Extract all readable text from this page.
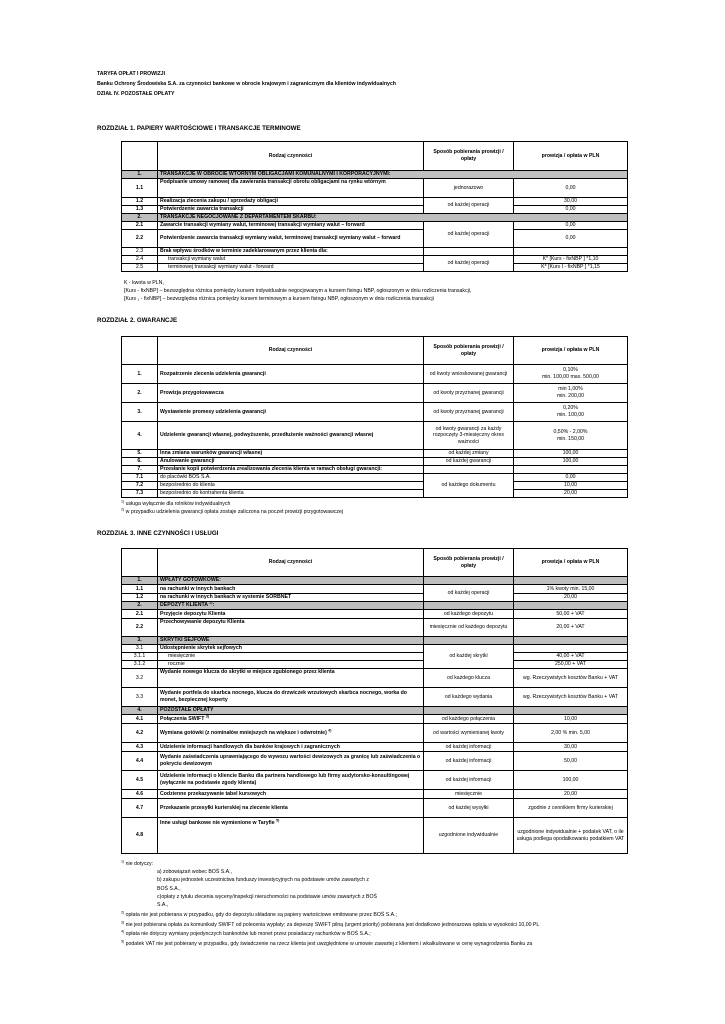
TARYFA OPŁAT I PROWIZJI
Banku Ochrony Środowiska S.A. za czynności bankowe w obrocie krajowym i zagranicznym dla klientów indywidualnych
DZIAŁ IV. POZOSTAŁE OPŁATY
ROZDZIAŁ 1. PAPIERY WARTOŚCIOWE I TRANSAKCJE TERMINOWE
	Rodzaj czynności	Sposób pobierania prowizji / opłaty	prowizja / opłata w PLN
1.	TRANSAKCJE W OBROCIE WTÓRNYM OBLIGACJAMI KOMUNALNYMI I KORPORACYJNYMI:		
1.1	Podpisanie umowy ramowej dla zawierania transakcji obrotu obligacjami na rynku wtórnym	jednorazowo	0,00
1.2	Realizacja zlecenia zakupu / sprzedaży obligacji	od każdej operacji	30,00
1.3	Potwierdzenie zawarcia transakcji		0,00
2.	TRANSAKCJE NEGOCJOWANE Z DEPARTAMENTEM SKARBU:		
2.1	Zawarcie transakcji wymiany walut, terminowej transakcji wymiany walut – forward	od każdej operacji	0,00
2.2	Potwierdzenie zawarcia transakcji wymiany walut, terminowej transakcji wymiany walut – forward		0,00
2.3	Brak wpływu środków w terminie zadeklarowanym przez klienta dla:		
2.4	transakcji wymiany walut	od każdej operacji	K* [Kurs - fixNBP ] *1,10
2.5	terminowej transakcji wymiany walut - forward		K* [Kurs I - fixNBP ] *1,15
K - kwota w PLN,
[Kurs - fixNBP] – bezwzględna różnica pomiędzy kursem indywidualnie negocjowanym a kursem fixingu NBP, ogłoszonym w dniu rozliczenia transakcji,
[Kurs ₁ - fixNBP] – bezwzględna różnica pomiędzy kursem terminowym a kursem fixingu NBP, ogłoszonym w dniu rozliczenia transakcji
ROZDZIAŁ 2. GWARANCJE
	Rodzaj czynności	Sposób pobierania prowizji / opłaty	prowizja / opłata w PLN
1.	Rozpatrzenie zlecenia udzielenia gwarancji	od kwoty wnioskowanej gwarancji	0,10%
min. 100,00 max. 500,00

2.	Prowizja przygotowawcza	od kwoty przyznanej gwarancji	min 1,00%
min. 200,00

3.	Wystawienie promesy udzielenia gwarancji	od kwoty przyznanej gwarancji	0,20%
min. 100,00

4.	Udzielenie gwarancji własnej, podwyższenie, przedłużenie ważności gwarancji własnej	od kwoty gwarancji za każdy rozpoczęty 3-miesięczny okres ważności	0,50% - 2,00%
min. 150,00

5.	Inna zmiana warunków gwarancji własnej	od każdej zmiany	100,00
6.	Anulowanie gwarancji	od każdej gwarancji	100,00
7.	Przesłanie kopii potwierdzenia zrealizowania zlecenia klienta w ramach obsługi gwarancji:		
7.1	do placówki BOŚ S.A.	od każdego dokumentu	0,00
7.2	bezpośrednio do klienta		10,00
7.3	bezpośrednio do kontrahenta klienta		20,00
$^{1)}$ usługa wyłącznie dla rolników indywidualnych
$^{2)}$ w przypadku udzielenia gwarancji opłata zostaje zaliczona na poczet prowizji przygotowawczej
ROZDZIAŁ 3. INNE CZYNNOŚCI I USŁUGI
	Rodzaj czynności	Sposób pobierania prowizji / opłaty	prowizja / opłata w PLN
1.	WPŁATY GOTÓWKOWE:		
1.1	na rachunki w innych bankach	od każdej operacji	1% kwoty min. 15,00
1.2	na rachunki w innych bankach w systemie SORBNET		20,00
2.	DEPOZYT KLIENTA $^{2)}$:		
2.1	Przyjęcie depozytu Klienta	od każdego depozytu	50,00 + VAT
2.2	Przechowywanie depozytu Klienta	miesięcznie od każdego depozytu	20,00 + VAT
3.	SKRYTKI SEJFOWE		
3.1	Udostępnienie skrytek sejfowych	od każdej skrytki	
3.1.1	miesięcznie		40,00 + VAT
3.1.2	rocznie		250,00 + VAT
3.2	Wydanie nowego klucza do skrytki w miejsce zgubionego przez klienta	od każdego klucza	wg. Rzeczywistych kosztów Banku + VAT
3.3	Wydanie portfela do skarbca nocnego, klucza do drzwiczek wrzutowych skarbca nocnego, worka do monet, bezpiecznej koperty	od każdego wydania	wg. Rzeczywistych kosztów Banku + VAT
4.	POZOSTAŁE OPŁATY		
4.1	Połączenia SWIFT $^{3)}$	od każdego połączenia	10,00
4.2	Wymiana gotówki (z nominałów mniejszych na większe i odwrotnie) $^{4)}$	od wartości wymienianej kwoty	2,00 % min. 5,00
4.3	Udzielenie informacji handlowych dla banków krajowych i zagranicznych	od każdej informacji	30,00
4.4	Wydanie zaświadczenia uprawniającego do wywozu wartości dewizowych za granicę lub zaświadczenia o pokryciu dewizowym	od każdej informacji	50,00
4.5	Udzielenie informacji o kliencie Banku dla partnera handlowego lub firmy audytorsko-konsultingowej (wyłącznie na podstawie zgody klienta)	od każdej informacji	100,00
4.6	Codzienne przekazywanie tabel kursowych	miesięcznie	20,00
4.7	Przekazanie przesyłki kurierskiej na zlecenie klienta	od każdej wysyłki	zgodnie z cennikiem firmy kurierskiej
4.8	Inne usługi bankowe nie wymienione w Taryfie $^{5)}$	uzgodnione indywidualnie	uzgodnione indywidualnie + podatek VAT, o ile usługa podlega opodatkowaniu podatkiem VAT
$^{1)}$ nie dotyczy:
a) zobowiązań wobec BOŚ S.A.,
b) zakupu jednostek uczestnictwa funduszy inwestycyjnych na podstawie umów zawartych z
BOŚ S.A.,
c)opłaty z tytułu zlecenia wyceny/inspekcji nieruchomości na podstawie umów zawartych z BOŚ
S.A.,
$^{2)}$ opłata nie jest pobierana w przypadku, gdy do depozytu składane są papiery wartościowe emitowane przez BOŚ S.A.;
$^{3)}$ nie jest pobierana opłata za komunikaty SWIFT od polecenia wypłaty; za depeszę SWIFT pilną (urgent priority) pobierana jest dodatkowo jednorazowa opłata w wysokości 10,00 PL
$^{4)}$ opłata nie dotyczy wymiany pojedynczych banknotów lub monet przez posiadaczy rachunków w BOŚ S.A.;
$^{5)}$ podatek VAT nie jest pobierany w przypadku, gdy świadczenie na rzecz klienta jest uwzględnione w umowie zawartej z klientem i wkalkulowane w cenę wynagrodzenia Banku za
